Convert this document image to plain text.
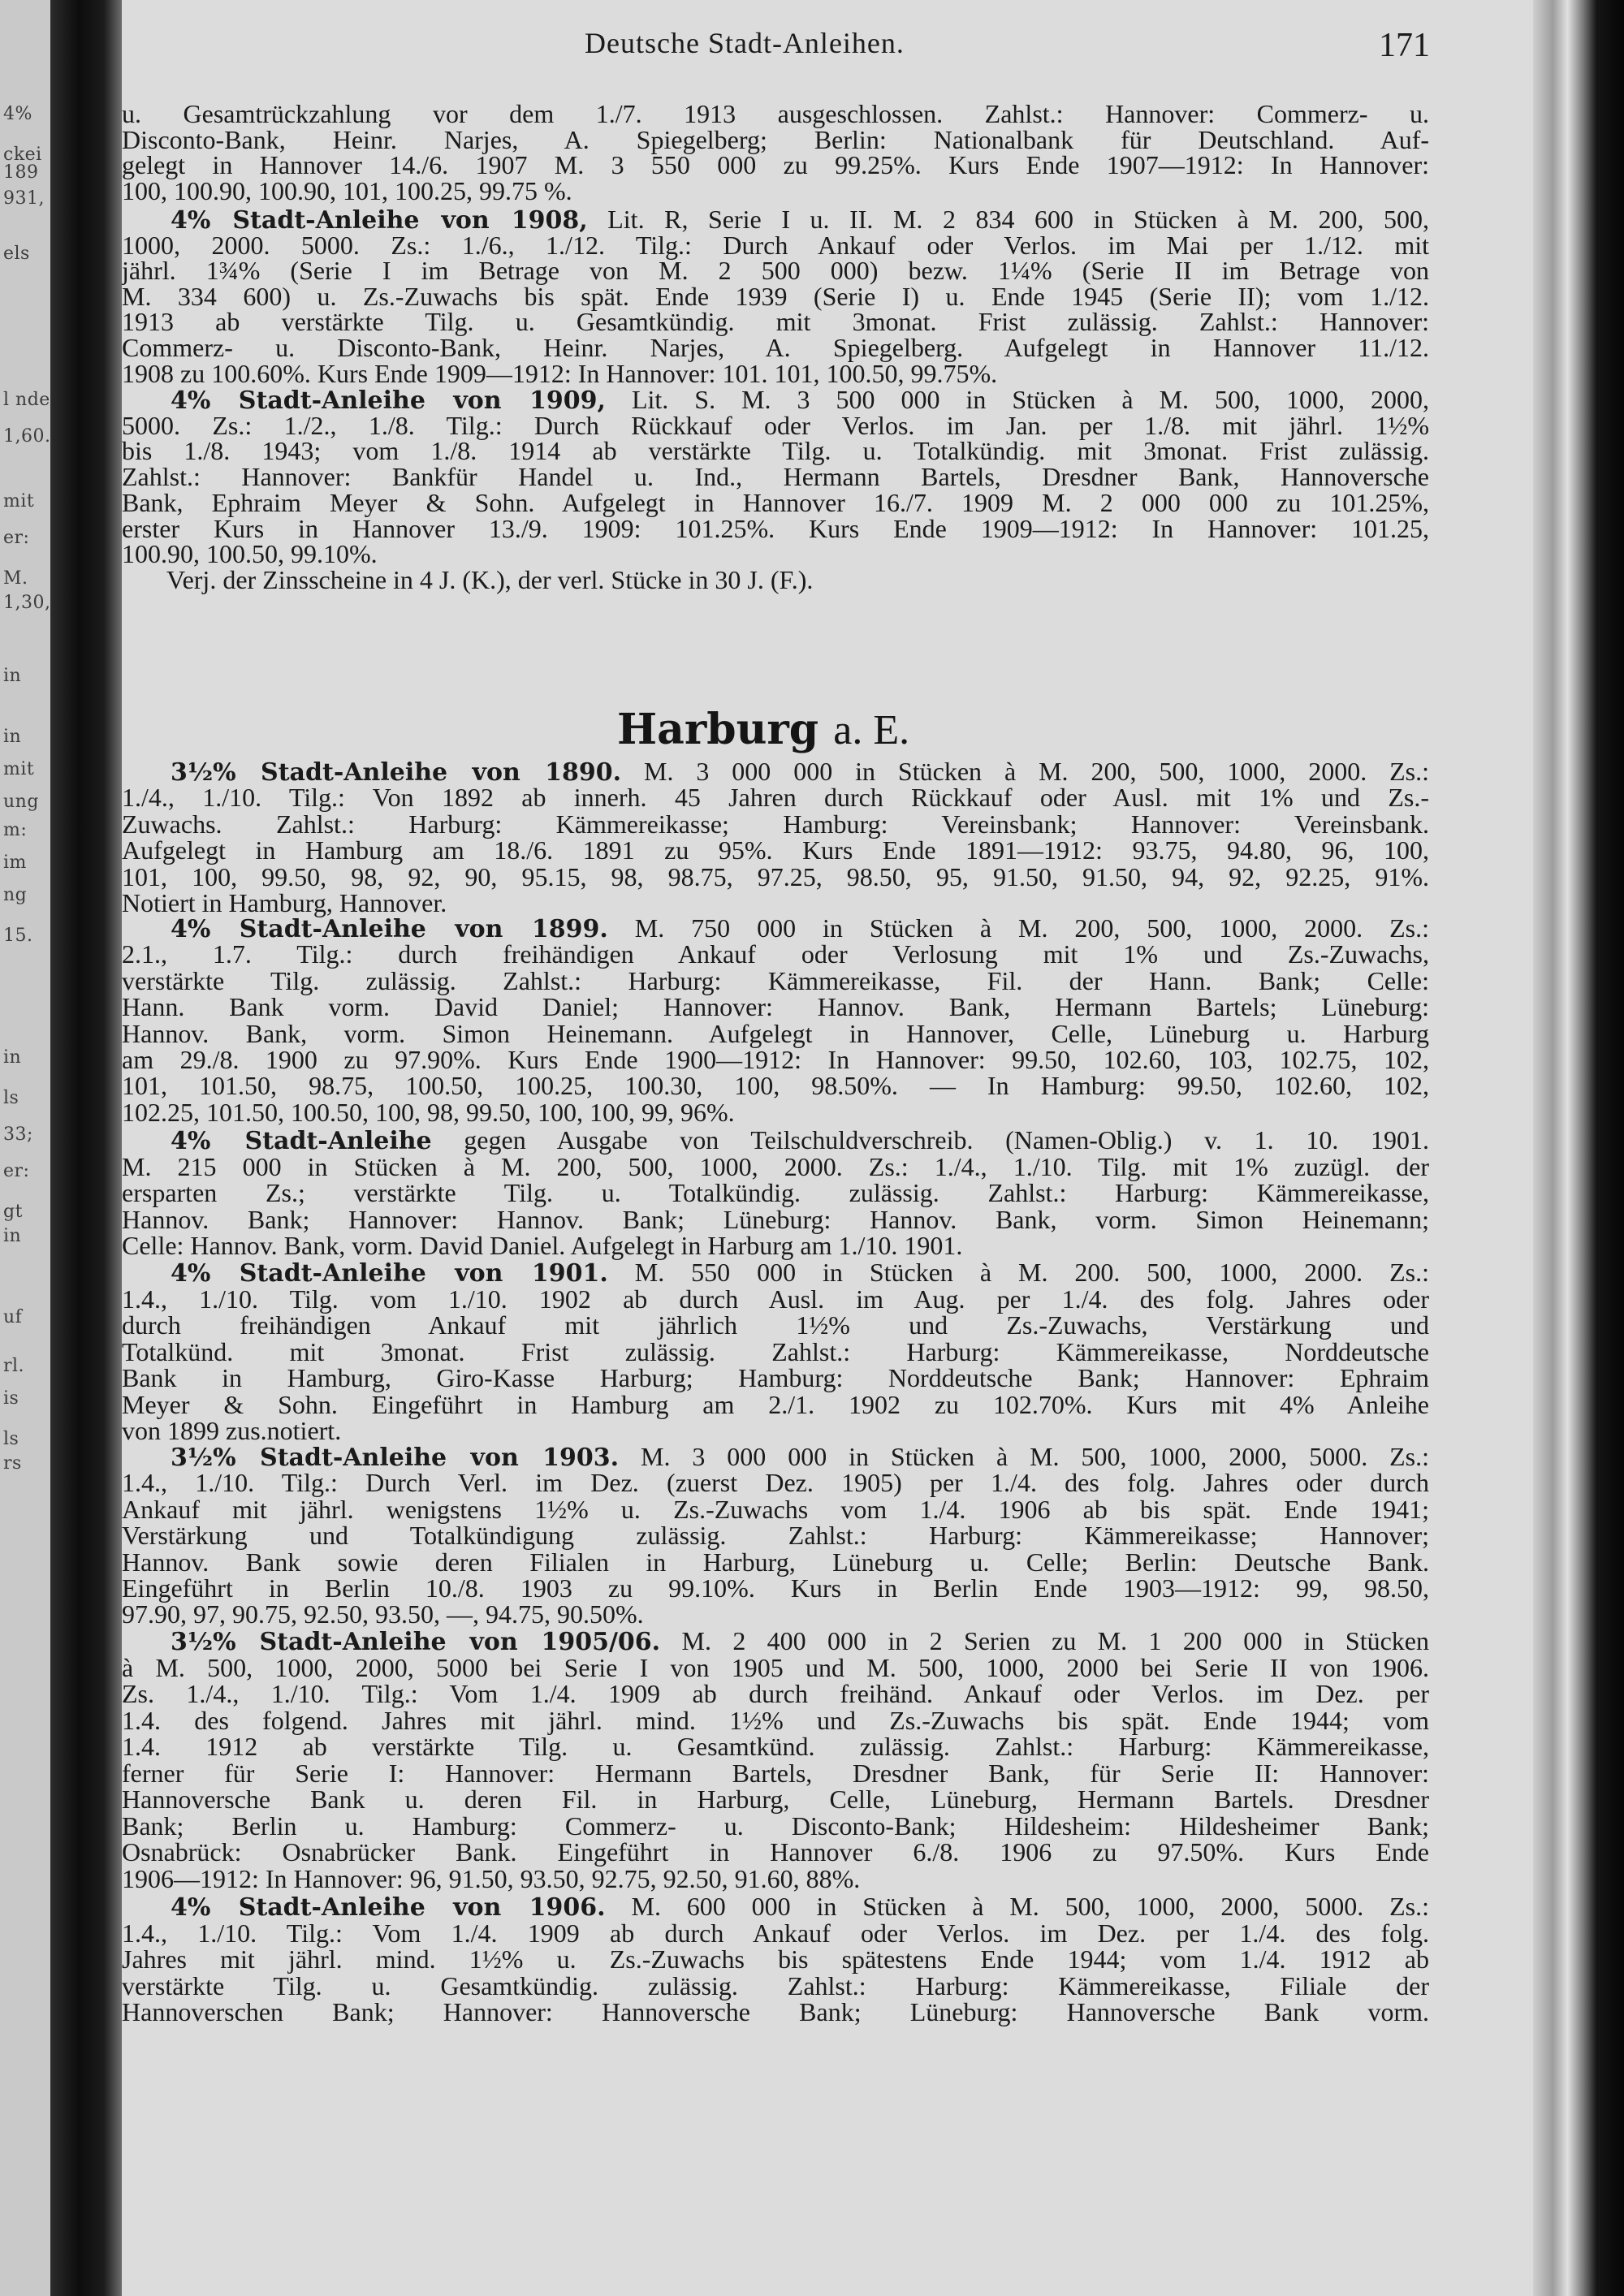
4%
ckei
189
931,
els
l nde
1,60.
mit
er:
M.
1,30,
in
in
mit
ung
m:
im
ng
15.
in
ls
33;
er:
gt
in
uf
rl.
is
ls
rs
Deutsche Stadt-Anleihen.	171
u. Gesamtrückzahlung vor dem 1./7. 1913 ausgeschlossen. Zahlst.: Hannover: Commerz- u.
Disconto-Bank, Heinr. Narjes, A. Spiegelberg; Berlin: Nationalbank für Deutschland. Auf-
gelegt in Hannover 14./6. 1907 M. 3 550 000 zu 99.25%. Kurs Ende 1907—1912: In Hannover:
100, 100.90, 100.90, 101, 100.25, 99.75 %.
4% Stadt-Anleihe von 1908, Lit. R, Serie I u. II. M. 2 834 600 in Stücken à M. 200, 500,
1000, 2000. 5000. Zs.: 1./6., 1./12. Tilg.: Durch Ankauf oder Verlos. im Mai per 1./12. mit
jährl. 1¾% (Serie I im Betrage von M. 2 500 000) bezw. 1¼% (Serie II im Betrage von
M. 334 600) u. Zs.-Zuwachs bis spät. Ende 1939 (Serie I) u. Ende 1945 (Serie II); vom 1./12.
1913 ab verstärkte Tilg. u. Gesamtkündig. mit 3monat. Frist zulässig. Zahlst.: Hannover:
Commerz- u. Disconto-Bank, Heinr. Narjes, A. Spiegelberg. Aufgelegt in Hannover 11./12.
1908 zu 100.60%. Kurs Ende 1909—1912: In Hannover: 101. 101, 100.50, 99.75%.
4% Stadt-Anleihe von 1909, Lit. S. M. 3 500 000 in Stücken à M. 500, 1000, 2000,
5000. Zs.: 1./2., 1./8. Tilg.: Durch Rückkauf oder Verlos. im Jan. per 1./8. mit jährl. 1½%
bis 1./8. 1943; vom 1./8. 1914 ab verstärkte Tilg. u. Totalkündig. mit 3monat. Frist zulässig.
Zahlst.: Hannover: Bankfür Handel u. Ind., Hermann Bartels, Dresdner Bank, Hannoversche
Bank, Ephraim Meyer & Sohn. Aufgelegt in Hannover 16./7. 1909 M. 2 000 000 zu 101.25%,
erster Kurs in Hannover 13./9. 1909: 101.25%. Kurs Ende 1909—1912: In Hannover: 101.25,
100.90, 100.50, 99.10%.
Verj. der Zinsscheine in 4 J. (K.), der verl. Stücke in 30 J. (F.).
3½% Stadt-Anleihe von 1890. M. 3 000 000 in Stücken à M. 200, 500, 1000, 2000. Zs.:
1./4., 1./10. Tilg.: Von 1892 ab innerh. 45 Jahren durch Rückkauf oder Ausl. mit 1% und Zs.-
Zuwachs. Zahlst.: Harburg: Kämmereikasse; Hamburg: Vereinsbank; Hannover: Vereinsbank.
Aufgelegt in Hamburg am 18./6. 1891 zu 95%. Kurs Ende 1891—1912: 93.75, 94.80, 96, 100,
101, 100, 99.50, 98, 92, 90, 95.15, 98, 98.75, 97.25, 98.50, 95, 91.50, 91.50, 94, 92, 92.25, 91%.
Notiert in Hamburg, Hannover.
4% Stadt-Anleihe von 1899. M. 750 000 in Stücken à M. 200, 500, 1000, 2000. Zs.:
2.1., 1.7. Tilg.: durch freihändigen Ankauf oder Verlosung mit 1% und Zs.-Zuwachs,
verstärkte Tilg. zulässig. Zahlst.: Harburg: Kämmereikasse, Fil. der Hann. Bank; Celle:
Hann. Bank vorm. David Daniel; Hannover: Hannov. Bank, Hermann Bartels; Lüneburg:
Hannov. Bank, vorm. Simon Heinemann. Aufgelegt in Hannover, Celle, Lüneburg u. Harburg
am 29./8. 1900 zu 97.90%. Kurs Ende 1900—1912: In Hannover: 99.50, 102.60, 103, 102.75, 102,
101, 101.50, 98.75, 100.50, 100.25, 100.30, 100, 98.50%. — In Hamburg: 99.50, 102.60, 102,
102.25, 101.50, 100.50, 100, 98, 99.50, 100, 100, 99, 96%.
4% Stadt-Anleihe gegen Ausgabe von Teilschuldverschreib. (Namen-Oblig.) v. 1. 10. 1901.
M. 215 000 in Stücken à M. 200, 500, 1000, 2000. Zs.: 1./4., 1./10. Tilg. mit 1% zuzügl. der
ersparten Zs.; verstärkte Tilg. u. Totalkündig. zulässig. Zahlst.: Harburg: Kämmereikasse,
Hannov. Bank; Hannover: Hannov. Bank; Lüneburg: Hannov. Bank, vorm. Simon Heinemann;
Celle: Hannov. Bank, vorm. David Daniel. Aufgelegt in Harburg am 1./10. 1901.
4% Stadt-Anleihe von 1901. M. 550 000 in Stücken à M. 200. 500, 1000, 2000. Zs.:
1.4., 1./10. Tilg. vom 1./10. 1902 ab durch Ausl. im Aug. per 1./4. des folg. Jahres oder
durch freihändigen Ankauf mit jährlich 1½% und Zs.-Zuwachs, Verstärkung und
Totalkünd. mit 3monat. Frist zulässig. Zahlst.: Harburg: Kämmereikasse, Norddeutsche
Bank in Hamburg, Giro-Kasse Harburg; Hamburg: Norddeutsche Bank; Hannover: Ephraim
Meyer & Sohn. Eingeführt in Hamburg am 2./1. 1902 zu 102.70%. Kurs mit 4% Anleihe
von 1899 zus.notiert.
3½% Stadt-Anleihe von 1903. M. 3 000 000 in Stücken à M. 500, 1000, 2000, 5000. Zs.:
1.4., 1./10. Tilg.: Durch Verl. im Dez. (zuerst Dez. 1905) per 1./4. des folg. Jahres oder durch
Ankauf mit jährl. wenigstens 1½% u. Zs.-Zuwachs vom 1./4. 1906 ab bis spät. Ende 1941;
Verstärkung und Totalkündigung zulässig. Zahlst.: Harburg: Kämmereikasse; Hannover;
Hannov. Bank sowie deren Filialen in Harburg, Lüneburg u. Celle; Berlin: Deutsche Bank.
Eingeführt in Berlin 10./8. 1903 zu 99.10%. Kurs in Berlin Ende 1903—1912: 99, 98.50,
97.90, 97, 90.75, 92.50, 93.50, —, 94.75, 90.50%.
3½% Stadt-Anleihe von 1905/06. M. 2 400 000 in 2 Serien zu M. 1 200 000 in Stücken
à M. 500, 1000, 2000, 5000 bei Serie I von 1905 und M. 500, 1000, 2000 bei Serie II von 1906.
Zs. 1./4., 1./10. Tilg.: Vom 1./4. 1909 ab durch freihänd. Ankauf oder Verlos. im Dez. per
1.4. des folgend. Jahres mit jährl. mind. 1½% und Zs.-Zuwachs bis spät. Ende 1944; vom
1.4. 1912 ab verstärkte Tilg. u. Gesamtkünd. zulässig. Zahlst.: Harburg: Kämmereikasse,
ferner für Serie I: Hannover: Hermann Bartels, Dresdner Bank, für Serie II: Hannover:
Hannoversche Bank u. deren Fil. in Harburg, Celle, Lüneburg, Hermann Bartels. Dresdner
Bank; Berlin u. Hamburg: Commerz- u. Disconto-Bank; Hildesheim: Hildesheimer Bank;
Osnabrück: Osnabrücker Bank. Eingeführt in Hannover 6./8. 1906 zu 97.50%. Kurs Ende
1906—1912: In Hannover: 96, 91.50, 93.50, 92.75, 92.50, 91.60, 88%.
4% Stadt-Anleihe von 1906. M. 600 000 in Stücken à M. 500, 1000, 2000, 5000. Zs.:
1.4., 1./10. Tilg.: Vom 1./4. 1909 ab durch Ankauf oder Verlos. im Dez. per 1./4. des folg.
Jahres mit jährl. mind. 1½% u. Zs.-Zuwachs bis spätestens Ende 1944; vom 1./4. 1912 ab
verstärkte Tilg. u. Gesamtkündig. zulässig. Zahlst.: Harburg: Kämmereikasse, Filiale der
Hannoverschen Bank; Hannover: Hannoversche Bank; Lüneburg: Hannoversche Bank vorm.
Harburg a. E.
